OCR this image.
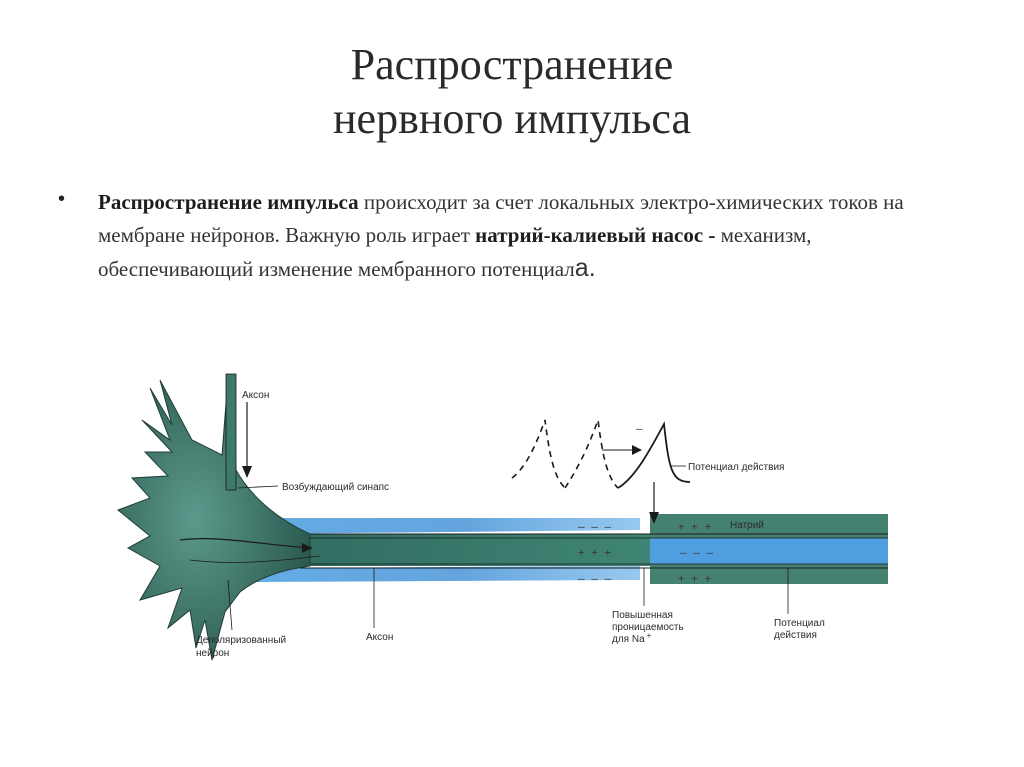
Распространение
нервного импульса
• Распространение импульса происходит за счет локальных электро-химических токов на мембране нейронов. Важную роль играет натрий-калиевый насос - механизм, обеспечивающий изменение мембранного потенциала.
Аксон
Возбуждающий синапс
Потенциал действия
Натрий
Деполяризованный
нейрон
Аксон
Повышенная
проницаемость
для Na +
Потенциал
действия
– – –
+ + +
– – –
+ + +
– – –
+ + +
–
